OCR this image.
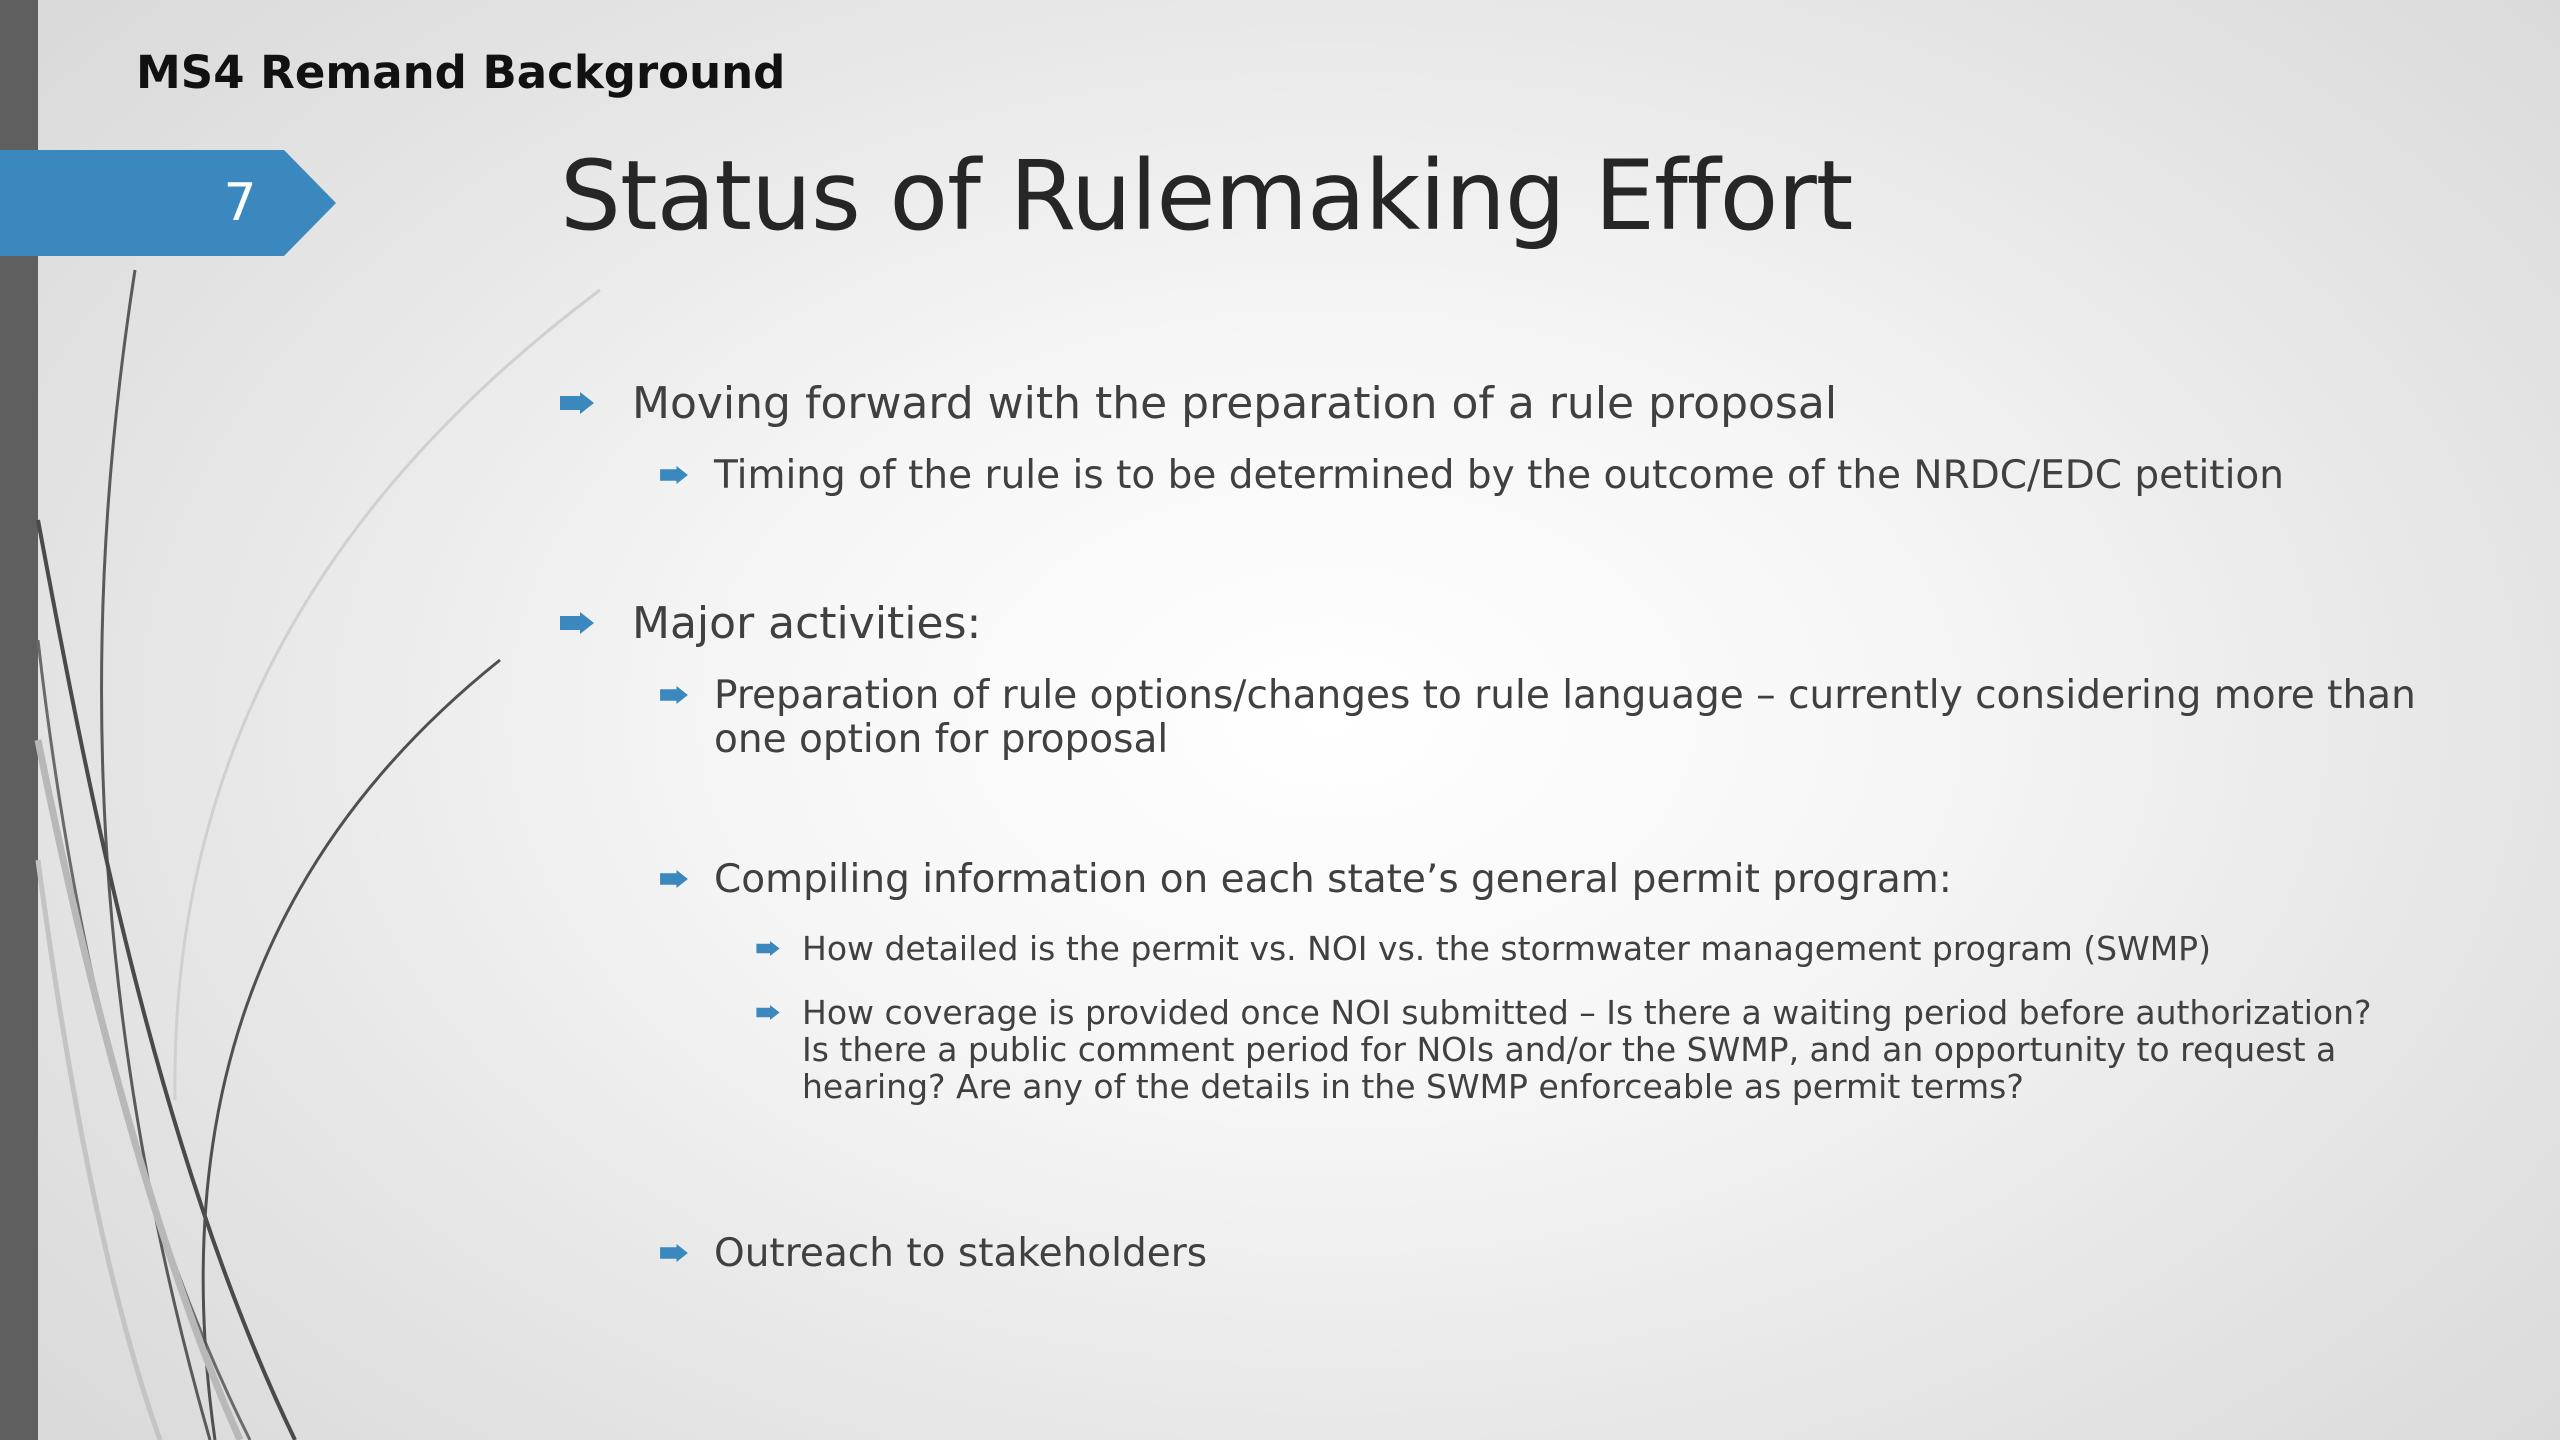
MS4 Remand Background
7	Status of Rulemaking Effort
Moving forward with the preparation of a rule proposal
Timing of the rule is to be determined by the outcome of the NRDC/EDC petition
Major activities:
Preparation of rule options/changes to rule language – currently considering more than one option for proposal
Compiling information on each state’s general permit program:
How detailed is the permit vs. NOI vs. the stormwater management program (SWMP)
How coverage is provided once NOI submitted – Is there a waiting period before authorization? Is there a public comment period for NOIs and/or the SWMP, and an opportunity to request a hearing? Are any of the details in the SWMP enforceable as permit terms?
Outreach to stakeholders
